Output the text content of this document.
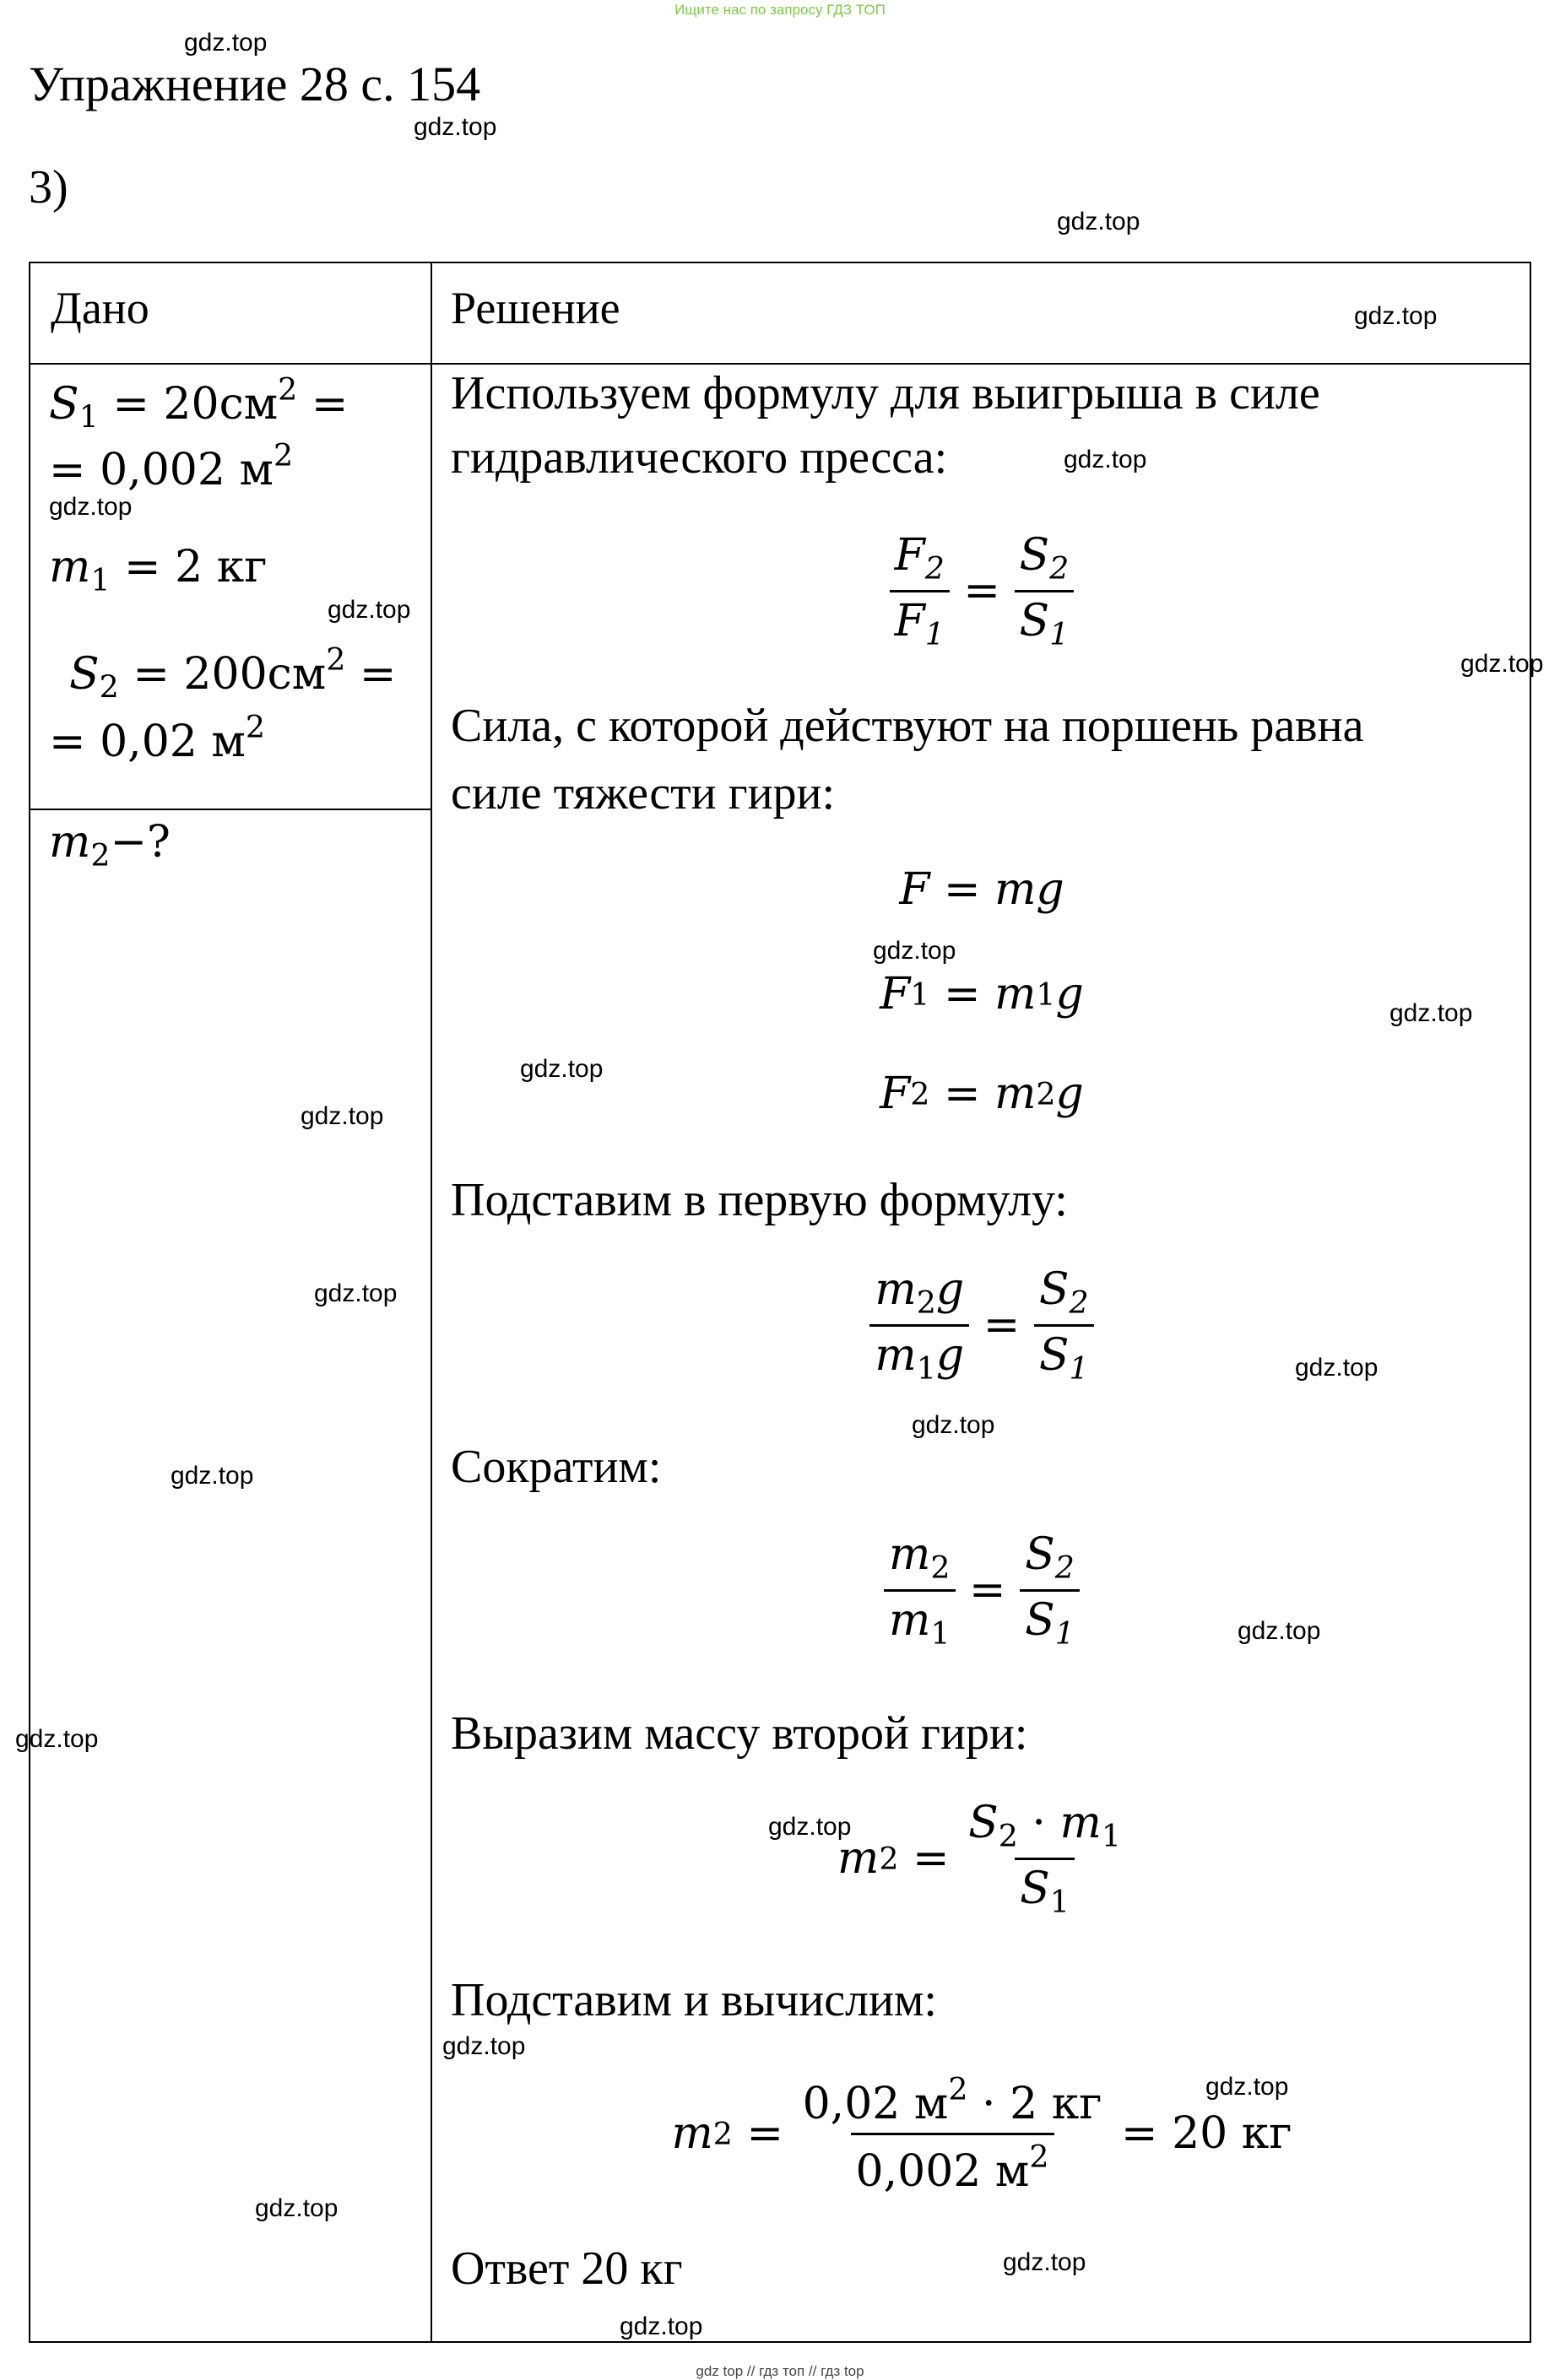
Ищите нас по запросу ГДЗ ТОП
Упражнение 28 с. 154
3)
Дано	Решение
$S_1 = 20см^2$ =
= 0,002 $м^2$
$m_1 = 2$ кг
$S_2 = 200см^2$ =
= 0,02 $м^2$
$m_2-$?
Используем формулу для выигрыша в силе
гидравлического пресса:
$\frac{F_2}{F_1} = \frac{S_2}{S_1}$
Сила, с которой действуют на поршень равна
силе тяжести гири:
F = mg
F 1 = m 1 g
F 2 = m 2 g
Подставим в первую формулу:
$\frac{m_2g}{m_1g} = \frac{S_2}{S_1}$
Сократим:
$\frac{m_2}{m_1} = \frac{S_2}{S_1}$
Выразим массу второй гири:
m $2 = \frac{S_2 \cdot m_1}{S_1}$
Подставим и вычислим:
m $2 = \frac{0,02 м^2 \cdot 2 кг}{0,002 м^2}$
= 20 кг
Ответ 20 кг
gdz.top
gdz.top
gdz.top
gdz.top
gdz.top
gdz.top
gdz.top
gdz.top
gdz.top
gdz.top
gdz.top
gdz.top
gdz.top
gdz.top
gdz.top
gdz.top
gdz.top
gdz.top
gdz.top
gdz.top
gdz.top
gdz.top
gdz.top
gdz.top
gdz top // гдз топ // гдз top
